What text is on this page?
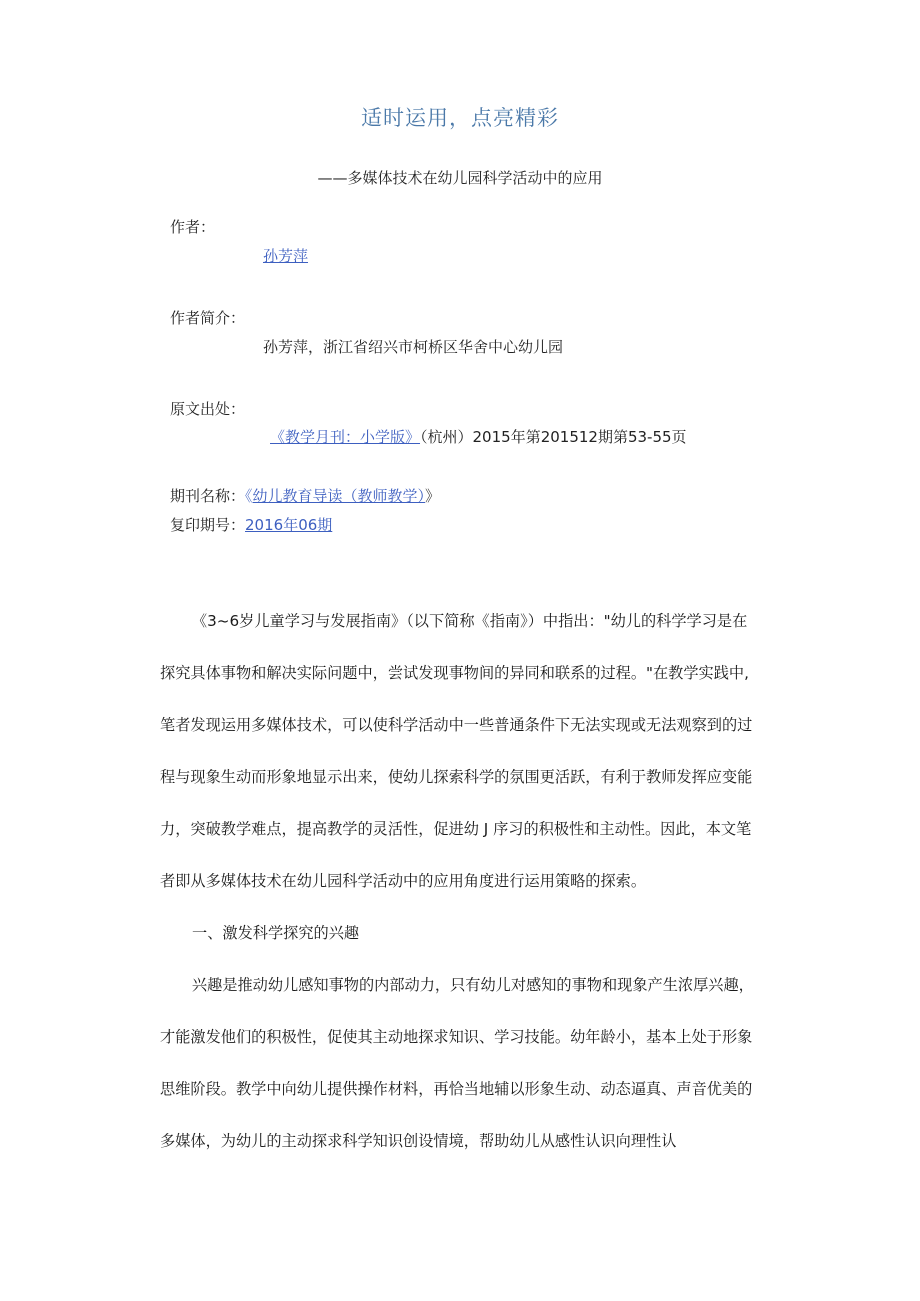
适时运用，点亮精彩
——多媒体技术在幼儿园科学活动中的应用
作者：
孙芳萍
作者简介：
孙芳萍，浙江省绍兴市柯桥区华舍中心幼儿园
原文出处：
《教学月刊：小学版》（杭州）2015年第201512期第53-55页
期刊名称：《幼儿教育导读（教师教学）》
复印期号：2016年06期

《3~6岁儿童学习与发展指南》（以下简称《指南》）中指出："幼儿的科学学习是在探究具体事物和解决实际问题中，尝试发现事物间的异同和联系的过程。"在教学实践中,笔者发现运用多媒体技术，可以使科学活动中一些普通条件下无法实现或无法观察到的过程与现象生动而形象地显示出来，使幼儿探索科学的氛围更活跃，有利于教师发挥应变能力，突破教学难点，提高教学的灵活性，促进幼 J 序习的积极性和主动性。因此，本文笔者即从多媒体技术在幼儿园科学活动中的应用角度进行运用策略的探索。

一、激发科学探究的兴趣

兴趣是推动幼儿感知事物的内部动力，只有幼儿对感知的事物和现象产生浓厚兴趣，才能激发他们的积极性，促使其主动地探求知识、学习技能。幼年龄小，基本上处于形象思维阶段。教学中向幼儿提供操作材料，再恰当地辅以形象生动、动态逼真、声音优美的多媒体，为幼儿的主动探求科学知识创设情境，帮助幼儿从感性认识向理性认
